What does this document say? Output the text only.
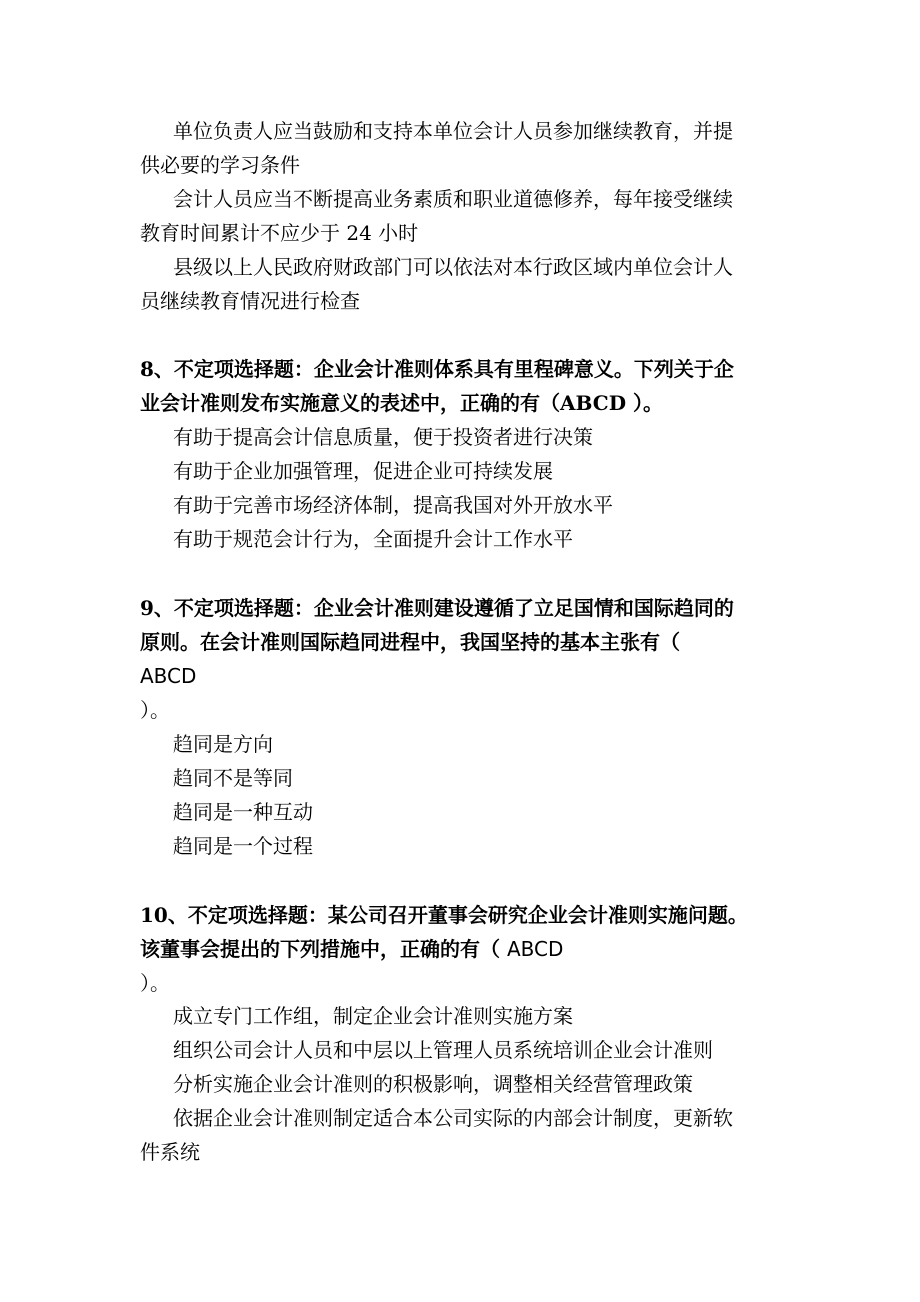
单位负责人应当鼓励和支持本单位会计人员参加继续教育，并提
供必要的学习条件

会计人员应当不断提高业务素质和职业道德修养，每年接受继续
教育时间累计不应少于 24 小时

县级以上人民政府财政部门可以依法对本行政区域内单位会计人
员继续教育情况进行检查

8、不定项选择题：企业会计准则体系具有里程碑意义。下列关于企
业会计准则发布实施意义的表述中，正确的有（ABCD ）。

有助于提高会计信息质量，便于投资者进行决策

有助于企业加强管理，促进企业可持续发展

有助于完善市场经济体制，提高我国对外开放水平

有助于规范会计行为，全面提升会计工作水平

9、不定项选择题：企业会计准则建设遵循了立足国情和国际趋同的
原则。在会计准则国际趋同进程中，我国坚持的基本主张有（
ABCD
）。

趋同是方向

趋同不是等同

趋同是一种互动

趋同是一个过程

10、不定项选择题：某公司召开董事会研究企业会计准则实施问题。
该董事会提出的下列措施中，正确的有（ ABCD
）。

成立专门工作组，制定企业会计准则实施方案

组织公司会计人员和中层以上管理人员系统培训企业会计准则

分析实施企业会计准则的积极影响，调整相关经营管理政策

依据企业会计准则制定适合本公司实际的内部会计制度，更新软
件系统
